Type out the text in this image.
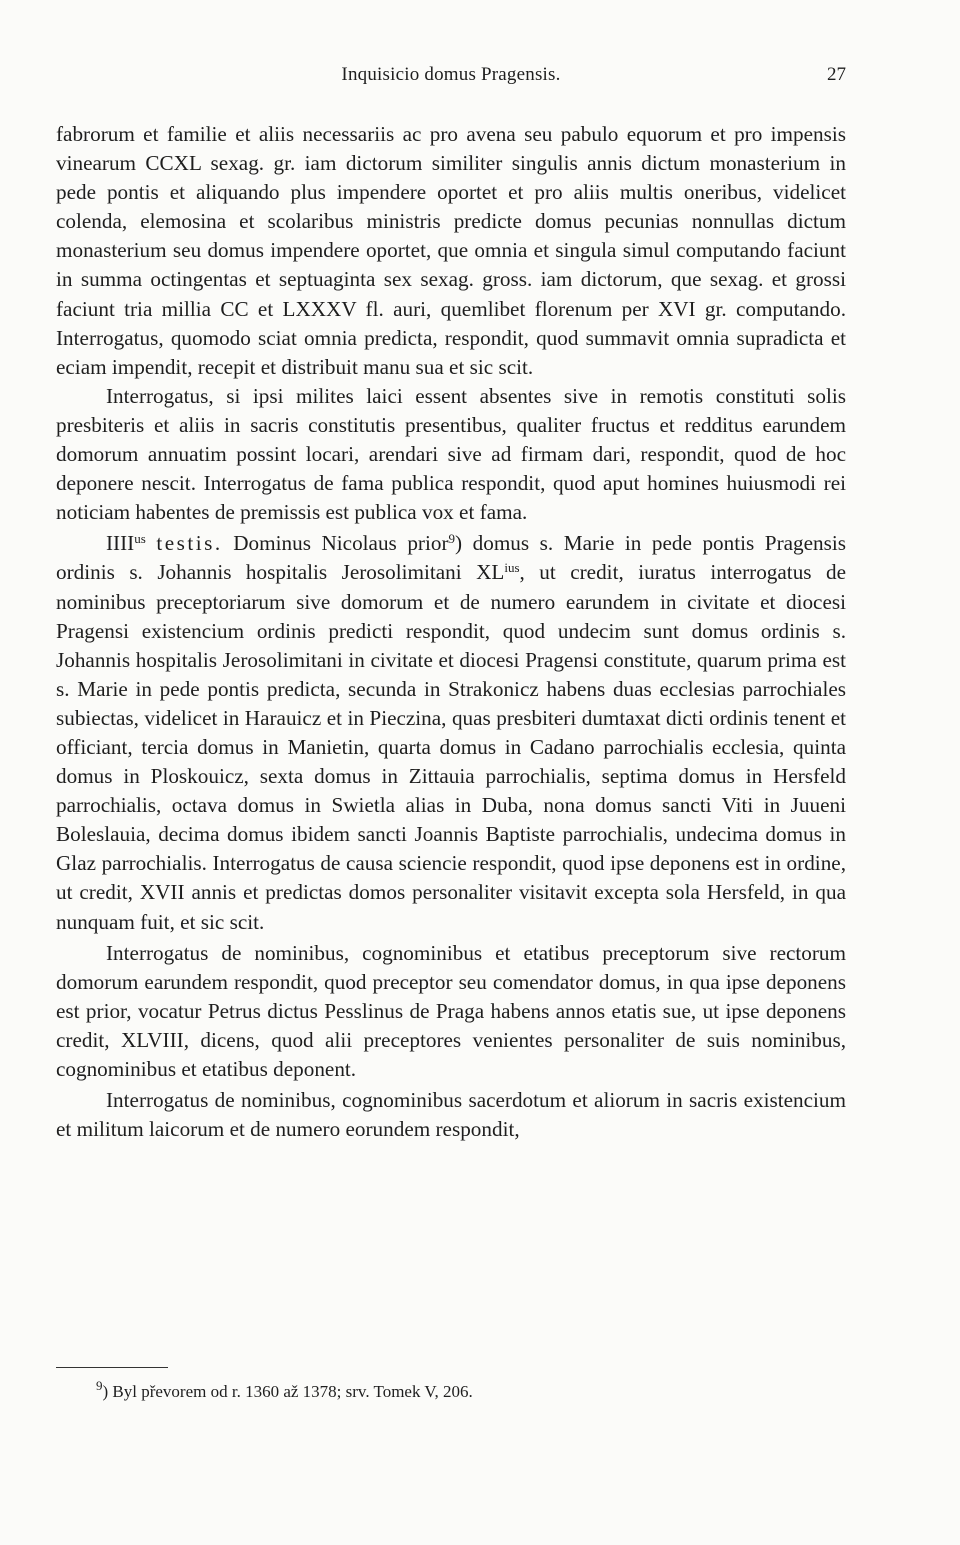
Inquisicio domus Pragensis.	27

fabrorum et familie et aliis necessariis ac pro avena seu pabulo equorum et pro impensis vinearum CCXL sexag. gr. iam dictorum similiter singulis annis dictum monasterium in pede pontis et aliquando plus impendere oportet et pro aliis multis oneribus, videlicet colenda, elemosina et scolaribus ministris predicte domus pecunias nonnullas dictum monasterium seu domus impendere oportet, que omnia et singula simul computando faciunt in summa octingentas et septuaginta sex sexag. gross. iam dictorum, que sexag. et grossi faciunt tria millia CC et LXXXV fl. auri, quemlibet florenum per XVI gr. computando. Interrogatus, quomodo sciat omnia predicta, respondit, quod summavit omnia supradicta et eciam impendit, recepit et distribuit manu sua et sic scit.

Interrogatus, si ipsi milites laici essent absentes sive in remotis constituti solis presbiteris et aliis in sacris constitutis presentibus, qualiter fructus et redditus earundem domorum annuatim possint locari, arendari sive ad firmam dari, respondit, quod de hoc deponere nescit. Interrogatus de fama publica respondit, quod aput homines huiusmodi rei noticiam habentes de premissis est publica vox et fama.

$IIII^{us}$ testis. Dominus Nicolaus prior$^9$) domus s. Marie in pede pontis Pragensis ordinis s. Johannis hospitalis Jerosolimitani $XL^{ius}$, ut credit, iuratus interrogatus de nominibus preceptoriarum sive domorum et de numero earundem in civitate et diocesi Pragensi existencium ordinis predicti respondit, quod undecim sunt domus ordinis s. Johannis hospitalis Jerosolimitani in civitate et diocesi Pragensi constitute, quarum prima est s. Marie in pede pontis predicta, secunda in Strakonicz habens duas ecclesias parrochiales subiectas, videlicet in Harauicz et in Pieczina, quas presbiteri dumtaxat dicti ordinis tenent et officiant, tercia domus in Manietin, quarta domus in Cadano parrochialis ecclesia, quinta domus in Ploskouicz, sexta domus in Zittauia parrochialis, septima domus in Hersfeld parrochialis, octava domus in Swietla alias in Duba, nona domus sancti Viti in Juueni Boleslauia, decima domus ibidem sancti Joannis Baptiste parrochialis, undecima domus in Glaz parrochialis. Interrogatus de causa sciencie respondit, quod ipse deponens est in ordine, ut credit, XVII annis et predictas domos personaliter visitavit excepta sola Hersfeld, in qua nunquam fuit, et sic scit.

Interrogatus de nominibus, cognominibus et etatibus preceptorum sive rectorum domorum earundem respondit, quod preceptor seu comendator domus, in qua ipse deponens est prior, vocatur Petrus dictus Pesslinus de Praga habens annos etatis sue, ut ipse deponens credit, XLVIII, dicens, quod alii preceptores venientes personaliter de suis nominibus, cognominibus et etatibus deponent.

Interrogatus de nominibus, cognominibus sacerdotum et aliorum in sacris existencium et militum laicorum et de numero eorundem respondit,

$^9$) Byl převorem od r. 1360 až 1378; srv. Tomek V, 206.
